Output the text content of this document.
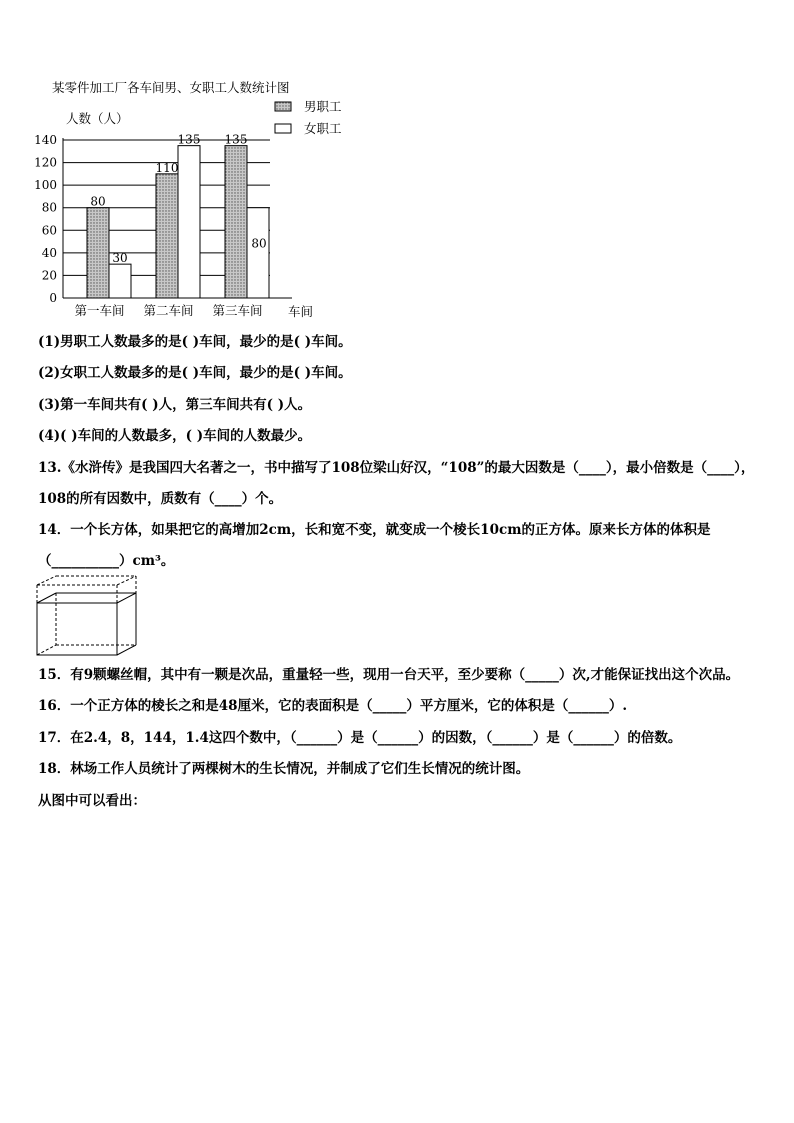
某零件加工厂各车间男、女职工人数统计图
人数（人）
车间
0
20
40
60
80
100
120
140
80
30
第一车间
110
135
第二车间
135
80
第三车间
男职工
女职工
(1)男职工人数最多的是( )车间，最少的是( )车间。
(2)女职工人数最多的是( )车间，最少的是( )车间。
(3)第一车间共有( )人，第三车间共有( )人。
(4)( )车间的人数最多，( )车间的人数最少。
13.《水浒传》是我国四大名著之一，书中描写了108位梁山好汉，“108”的最大因数是（____），最小倍数是（____），
108的所有因数中，质数有（____）个。
14．一个长方体，如果把它的高增加2cm，长和宽不变，就变成一个棱长10cm的正方体。原来长方体的体积是
（__________）cm³。
15．有9颗螺丝帽，其中有一颗是次品，重量轻一些，现用一台天平，至少要称（_____）次,才能保证找出这个次品。
16．一个正方体的棱长之和是48厘米，它的表面积是（_____）平方厘米，它的体积是（______）.
17．在2.4，8，144，1.4这四个数中，（______）是（______）的因数，（______）是（______）的倍数。
18．林场工作人员统计了两棵树木的生长情况，并制成了它们生长情况的统计图。
从图中可以看出：
